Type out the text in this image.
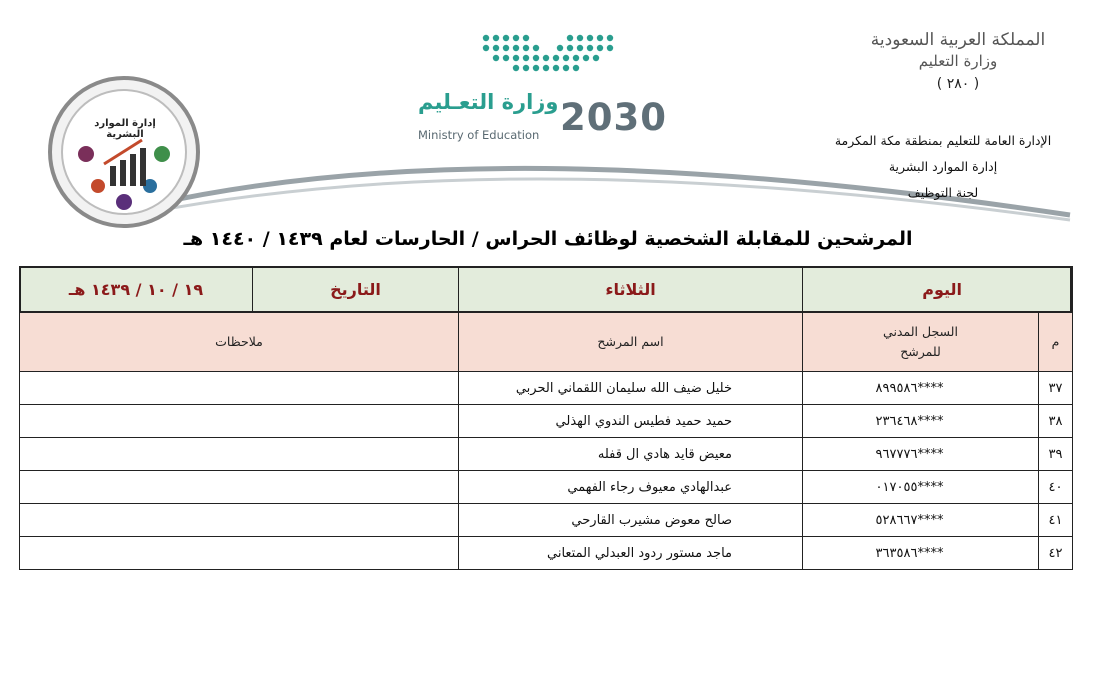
المملكة العربية السعودية
وزارة التعليم
( ٢٨٠ )
الإدارة العامة للتعليم بمنطقة مكة المكرمة
إدارة الموارد البشرية
لجنة التوظيف
وزارة التعـليم
Ministry of Education 2030
إدارة الموارد البشرية
المرشحين للمقابلة الشخصية لوظائف الحراس / الحارسات لعام ١٤٣٩ / ١٤٤٠ هـ
اليوم		الثلاثاء	التاريخ	١٩ / ١٠ / ١٤٣٩ هـ
م	السجل المدني للمرشح	اسم المرشح	ملاحظات	
٣٧	****٨٩٩٥٨٦	خليل ضيف الله سليمان اللقماني الحربي		
٣٨	****٢٣٦٤٦٨	حميد حميد فطيس الندوي الهذلي		
٣٩	****٩٦٧٧٧٦	معيض قايد هادي ال قفله		
٤٠	****٠١٧٠٥٥	عبدالهادي معيوف رجاء الفهمي		
٤١	****٥٢٨٦٦٧	صالح معوض مشيرب القارحي		
٤٢	****٣٦٣٥٨٦	ماجد مستور ردود العبدلي المتعاني		
